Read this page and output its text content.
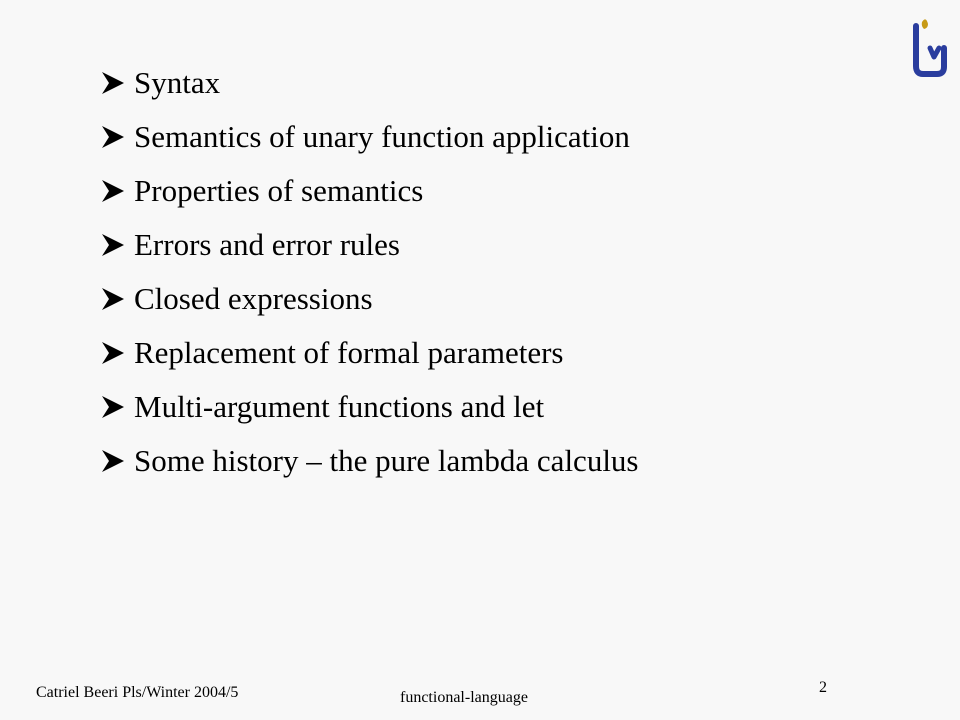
Syntax
Semantics of unary function application
Properties of semantics
Errors and error rules
Closed expressions
Replacement of formal parameters
Multi-argument functions and let
Some history – the pure lambda calculus
Catriel Beeri Pls/Winter 2004/5	functional-language
2
